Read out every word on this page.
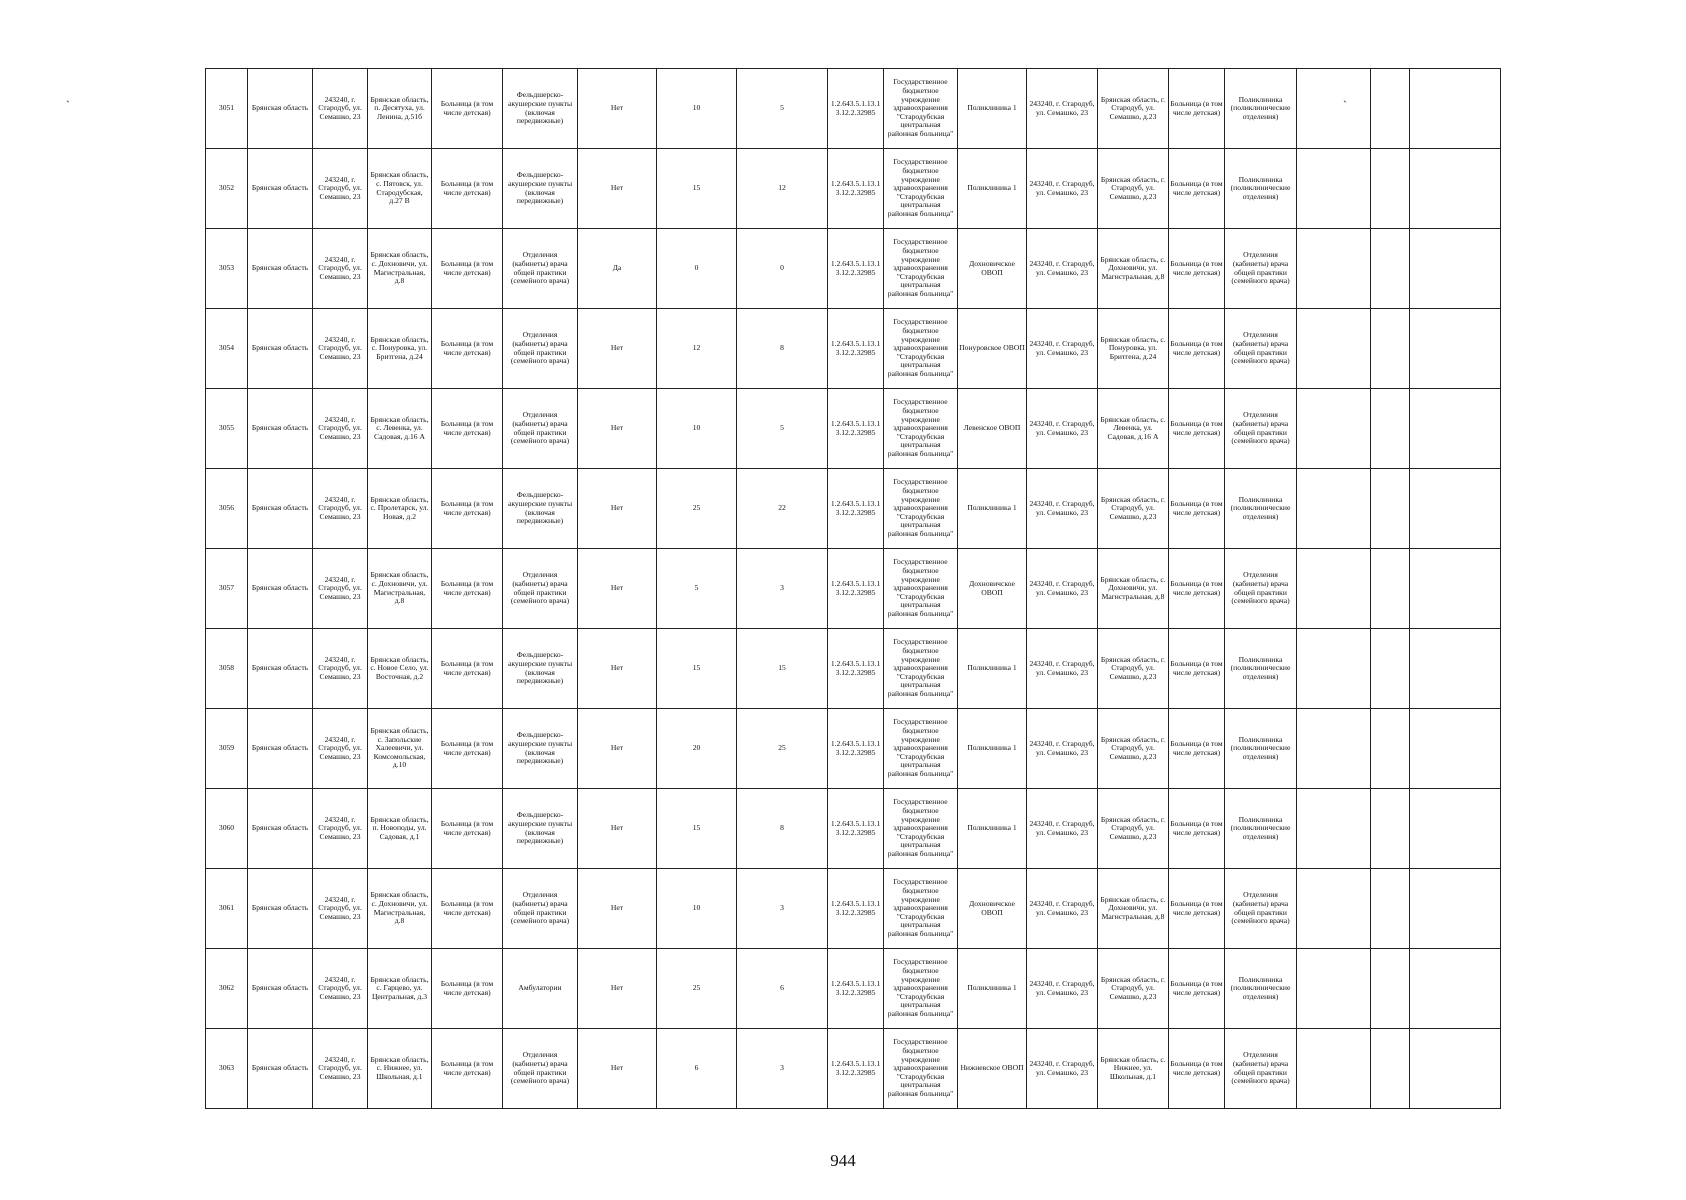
`	`
3051	Брянская область	243240, г. Стародуб, ул. Семашко, 23	Брянская область, п. Десятуха, ул. Ленина, д.51б	Больница (в том числе детская)	Фельдшерско-акушерские пункты (включая передвижные)	Нет	10	5	1.2.643.5.1.13.13.12.2.32985	Государственное бюджетное учреждение здравоохранения "Стародубская центральная районная больница"	Поликлиника 1	243240, г. Стародуб, ул. Семашко, 23	Брянская область, г. Стародуб, ул. Семашко, д.23	Больница (в том числе детская)	Поликлиника (поликлинические отделения)			
3052	Брянская область	243240, г. Стародуб, ул. Семашко, 23	Брянская область, с. Пятовск, ул. Стародубская, д.27 В	Больница (в том числе детская)	Фельдшерско-акушерские пункты (включая передвижные)	Нет	15	12	1.2.643.5.1.13.13.12.2.32985	Государственное бюджетное учреждение здравоохранения "Стародубская центральная районная больница"	Поликлиника 1	243240, г. Стародуб, ул. Семашко, 23	Брянская область, г. Стародуб, ул. Семашко, д.23	Больница (в том числе детская)	Поликлиника (поликлинические отделения)			
3053	Брянская область	243240, г. Стародуб, ул. Семашко, 23	Брянская область, с. Дохновичи, ул. Магистральная, д.8	Больница (в том числе детская)	Отделения (кабинеты) врача общей практики (семейного врача)	Да	0	0	1.2.643.5.1.13.13.12.2.32985	Государственное бюджетное учреждение здравоохранения "Стародубская центральная районная больница"	Дохновичское ОВОП	243240, г. Стародуб, ул. Семашко, 23	Брянская область, с. Дохновичи, ул. Магистральная, д.8	Больница (в том числе детская)	Отделения (кабинеты) врача общей практики (семейного врача)			
3054	Брянская область	243240, г. Стародуб, ул. Семашко, 23	Брянская область, с. Понуровка, ул. Бритгена, д.24	Больница (в том числе детская)	Отделения (кабинеты) врача общей практики (семейного врача)	Нет	12	8	1.2.643.5.1.13.13.12.2.32985	Государственное бюджетное учреждение здравоохранения "Стародубская центральная районная больница"	Понуровское ОВОП	243240, г. Стародуб, ул. Семашко, 23	Брянская область, с. Понуровка, ул. Бритгена, д.24	Больница (в том числе детская)	Отделения (кабинеты) врача общей практики (семейного врача)			
3055	Брянская область	243240, г. Стародуб, ул. Семашко, 23	Брянская область, с. Левенка, ул. Садовая, д.16 А	Больница (в том числе детская)	Отделения (кабинеты) врача общей практики (семейного врача)	Нет	10	5	1.2.643.5.1.13.13.12.2.32985	Государственное бюджетное учреждение здравоохранения "Стародубская центральная районная больница"	Левенское ОВОП	243240, г. Стародуб, ул. Семашко, 23	Брянская область, с. Левенка, ул. Садовая, д.16 А	Больница (в том числе детская)	Отделения (кабинеты) врача общей практики (семейного врача)			
3056	Брянская область	243240, г. Стародуб, ул. Семашко, 23	Брянская область, с. Пролетарск, ул. Новая, д.2	Больница (в том числе детская)	Фельдшерско-акушерские пункты (включая передвижные)	Нет	25	22	1.2.643.5.1.13.13.12.2.32985	Государственное бюджетное учреждение здравоохранения "Стародубская центральная районная больница"	Поликлиника 1	243240, г. Стародуб, ул. Семашко, 23	Брянская область, г. Стародуб, ул. Семашко, д.23	Больница (в том числе детская)	Поликлиника (поликлинические отделения)			
3057	Брянская область	243240, г. Стародуб, ул. Семашко, 23	Брянская область, с. Дохновичи, ул. Магистральная, д.8	Больница (в том числе детская)	Отделения (кабинеты) врача общей практики (семейного врача)	Нет	5	3	1.2.643.5.1.13.13.12.2.32985	Государственное бюджетное учреждение здравоохранения "Стародубская центральная районная больница"	Дохновичское ОВОП	243240, г. Стародуб, ул. Семашко, 23	Брянская область, с. Дохновичи, ул. Магистральная, д.8	Больница (в том числе детская)	Отделения (кабинеты) врача общей практики (семейного врача)			
3058	Брянская область	243240, г. Стародуб, ул. Семашко, 23	Брянская область, с. Новое Село, ул. Восточная, д.2	Больница (в том числе детская)	Фельдшерско-акушерские пункты (включая передвижные)	Нет	15	15	1.2.643.5.1.13.13.12.2.32985	Государственное бюджетное учреждение здравоохранения "Стародубская центральная районная больница"	Поликлиника 1	243240, г. Стародуб, ул. Семашко, 23	Брянская область, г. Стародуб, ул. Семашко, д.23	Больница (в том числе детская)	Поликлиника (поликлинические отделения)			
3059	Брянская область	243240, г. Стародуб, ул. Семашко, 23	Брянская область, с. Запольские Халеевичи, ул. Комсомольская, д.10	Больница (в том числе детская)	Фельдшерско-акушерские пункты (включая передвижные)	Нет	20	25	1.2.643.5.1.13.13.12.2.32985	Государственное бюджетное учреждение здравоохранения "Стародубская центральная районная больница"	Поликлиника 1	243240, г. Стародуб, ул. Семашко, 23	Брянская область, г. Стародуб, ул. Семашко, д.23	Больница (в том числе детская)	Поликлиника (поликлинические отделения)			
3060	Брянская область	243240, г. Стародуб, ул. Семашко, 23	Брянская область, п. Новоподы, ул. Садовая, д.1	Больница (в том числе детская)	Фельдшерско-акушерские пункты (включая передвижные)	Нет	15	8	1.2.643.5.1.13.13.12.2.32985	Государственное бюджетное учреждение здравоохранения "Стародубская центральная районная больница"	Поликлиника 1	243240, г. Стародуб, ул. Семашко, 23	Брянская область, г. Стародуб, ул. Семашко, д.23	Больница (в том числе детская)	Поликлиника (поликлинические отделения)			
3061	Брянская область	243240, г. Стародуб, ул. Семашко, 23	Брянская область, с. Дохновичи, ул. Магистральная, д.8	Больница (в том числе детская)	Отделения (кабинеты) врача общей практики (семейного врача)	Нет	10	3	1.2.643.5.1.13.13.12.2.32985	Государственное бюджетное учреждение здравоохранения "Стародубская центральная районная больница"	Дохновичское ОВОП	243240, г. Стародуб, ул. Семашко, 23	Брянская область, с. Дохновичи, ул. Магистральная, д.8	Больница (в том числе детская)	Отделения (кабинеты) врача общей практики (семейного врача)			
3062	Брянская область	243240, г. Стародуб, ул. Семашко, 23	Брянская область, с. Гарцево, ул. Центральная, д.3	Больница (в том числе детская)	Амбулатории	Нет	25	6	1.2.643.5.1.13.13.12.2.32985	Государственное бюджетное учреждение здравоохранения "Стародубская центральная районная больница"	Поликлиника 1	243240, г. Стародуб, ул. Семашко, 23	Брянская область, г. Стародуб, ул. Семашко, д.23	Больница (в том числе детская)	Поликлиника (поликлинические отделения)			
3063	Брянская область	243240, г. Стародуб, ул. Семашко, 23	Брянская область, с. Нижнее, ул. Школьная, д.1	Больница (в том числе детская)	Отделения (кабинеты) врача общей практики (семейного врача)	Нет	6	3	1.2.643.5.1.13.13.12.2.32985	Государственное бюджетное учреждение здравоохранения "Стародубская центральная районная больница"	Нижневское ОВОП	243240, г. Стародуб, ул. Семашко, 23	Брянская область, с. Нижнее, ул. Школьная, д.1	Больница (в том числе детская)	Отделения (кабинеты) врача общей практики (семейного врача)			
944
